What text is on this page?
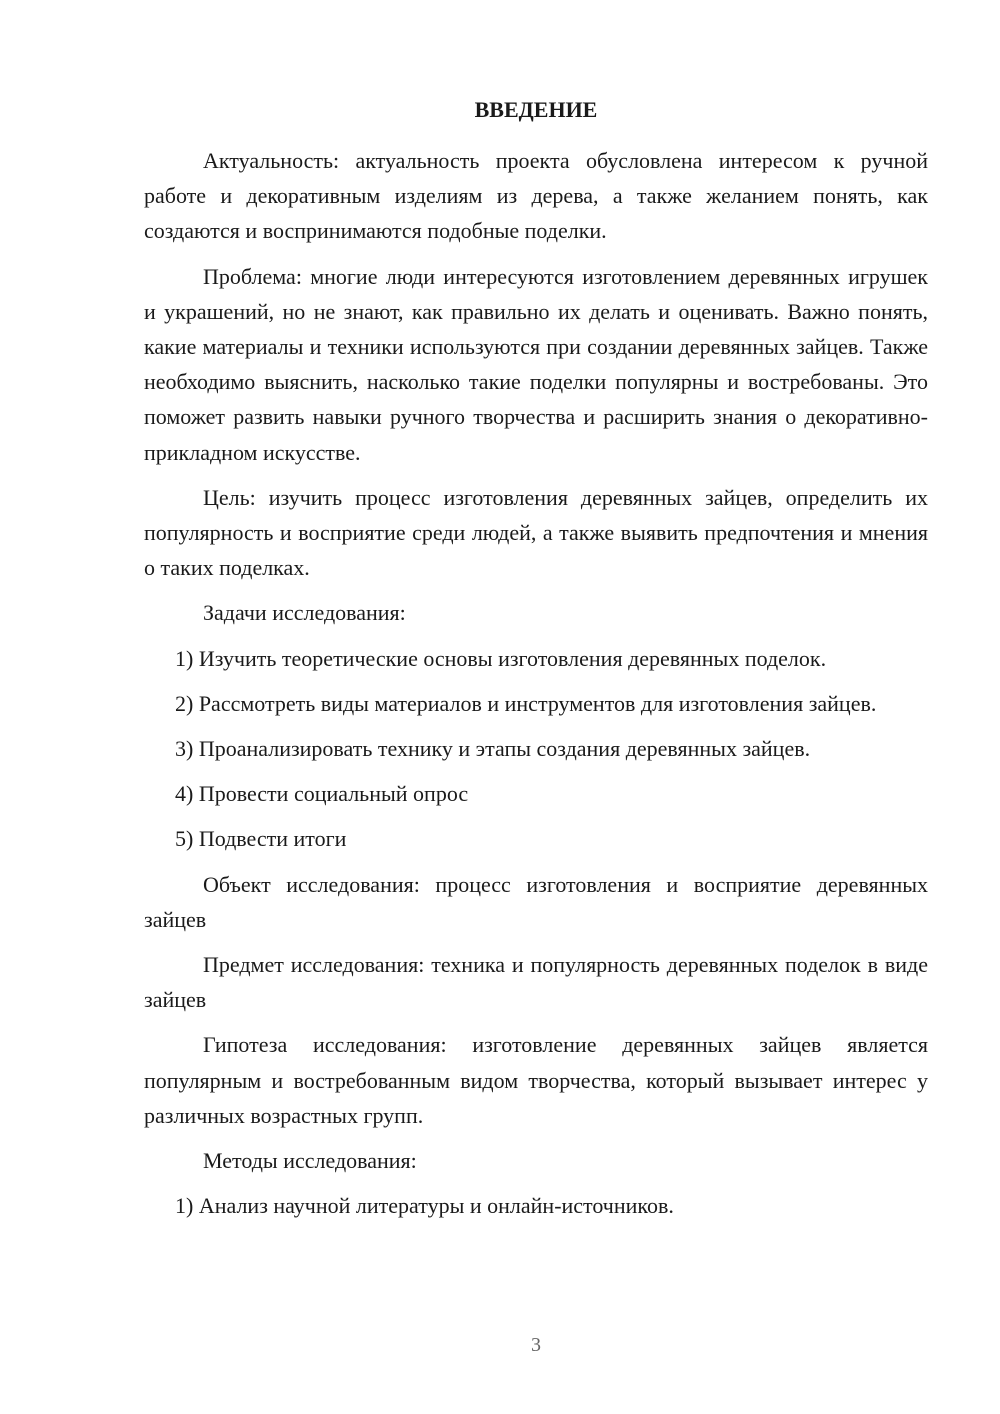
ВВЕДЕНИЕ

Актуальность: актуальность проекта обусловлена интересом к ручной работе и декоративным изделиям из дерева, а также желанием понять, как создаются и воспринимаются подобные поделки.

Проблема: многие люди интересуются изготовлением деревянных игрушек и украшений, но не знают, как правильно их делать и оценивать. Важно понять, какие материалы и техники используются при создании деревянных зайцев. Также необходимо выяснить, насколько такие поделки популярны и востребованы. Это поможет развить навыки ручного творчества и расширить знания о декоративно-прикладном искусстве.

Цель: изучить процесс изготовления деревянных зайцев, определить их популярность и восприятие среди людей, а также выявить предпочтения и мнения о таких поделках.

Задачи исследования:

1) Изучить теоретические основы изготовления деревянных поделок.

2) Рассмотреть виды материалов и инструментов для изготовления зайцев.

3) Проанализировать технику и этапы создания деревянных зайцев.

4) Провести социальный опрос

5) Подвести итоги

Объект исследования: процесс изготовления и восприятие деревянных зайцев

Предмет исследования: техника и популярность деревянных поделок в виде зайцев

Гипотеза исследования: изготовление деревянных зайцев является популярным и востребованным видом творчества, который вызывает интерес у различных возрастных групп.

Методы исследования:

1) Анализ научной литературы и онлайн-источников.

3
